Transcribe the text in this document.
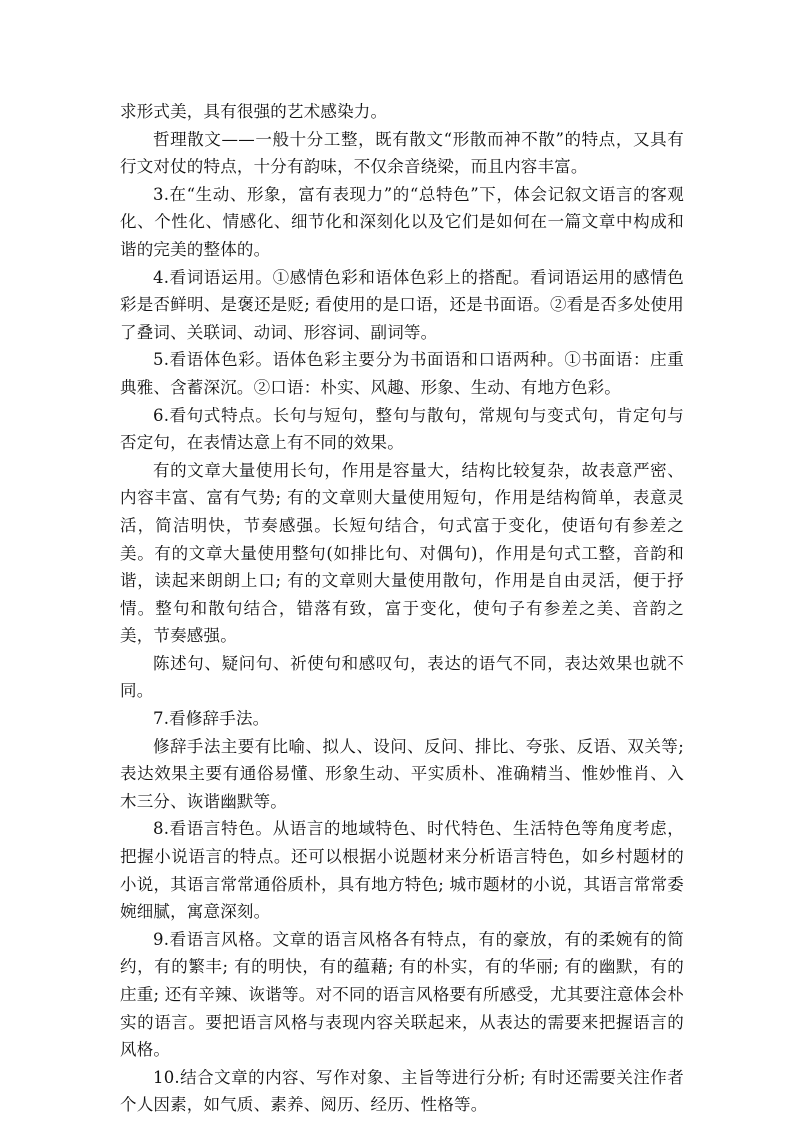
求形式美，具有很强的艺术感染力。

哲理散文——一般十分工整，既有散文“形散而神不散”的特点，又具有行文对仗的特点，十分有韵味，不仅余音绕梁，而且内容丰富。

3.在“生动、形象，富有表现力”的“总特色”下，体会记叙文语言的客观化、个性化、情感化、细节化和深刻化以及它们是如何在一篇文章中构成和谐的完美的整体的。

4.看词语运用。①感情色彩和语体色彩上的搭配。看词语运用的感情色彩是否鲜明、是褒还是贬; 看使用的是口语，还是书面语。②看是否多处使用了叠词、关联词、动词、形容词、副词等。

5.看语体色彩。语体色彩主要分为书面语和口语两种。①书面语：庄重典雅、含蓄深沉。②口语：朴实、风趣、形象、生动、有地方色彩。

6.看句式特点。长句与短句，整句与散句，常规句与变式句，肯定句与否定句，在表情达意上有不同的效果。

有的文章大量使用长句，作用是容量大，结构比较复杂，故表意严密、内容丰富、富有气势; 有的文章则大量使用短句，作用是结构简单，表意灵活，简洁明快，节奏感强。长短句结合，句式富于变化，使语句有参差之美。有的文章大量使用整句(如排比句、对偶句)，作用是句式工整，音韵和谐，读起来朗朗上口; 有的文章则大量使用散句，作用是自由灵活，便于抒情。整句和散句结合，错落有致，富于变化，使句子有参差之美、音韵之美，节奏感强。

陈述句、疑问句、祈使句和感叹句，表达的语气不同，表达效果也就不同。

7.看修辞手法。

修辞手法主要有比喻、拟人、设问、反问、排比、夸张、反语、双关等; 表达效果主要有通俗易懂、形象生动、平实质朴、准确精当、惟妙惟肖、入木三分、诙谐幽默等。

8.看语言特色。从语言的地域特色、时代特色、生活特色等角度考虑，把握小说语言的特点。还可以根据小说题材来分析语言特色，如乡村题材的小说，其语言常常通俗质朴，具有地方特色; 城市题材的小说，其语言常常委婉细腻，寓意深刻。

9.看语言风格。文章的语言风格各有特点，有的豪放，有的柔婉有的简约，有的繁丰; 有的明快，有的蕴藉; 有的朴实，有的华丽; 有的幽默，有的庄重; 还有辛辣、诙谐等。对不同的语言风格要有所感受，尤其要注意体会朴实的语言。要把语言风格与表现内容关联起来，从表达的需要来把握语言的风格。

10.结合文章的内容、写作对象、主旨等进行分析; 有时还需要关注作者个人因素，如气质、素养、阅历、经历、性格等。
